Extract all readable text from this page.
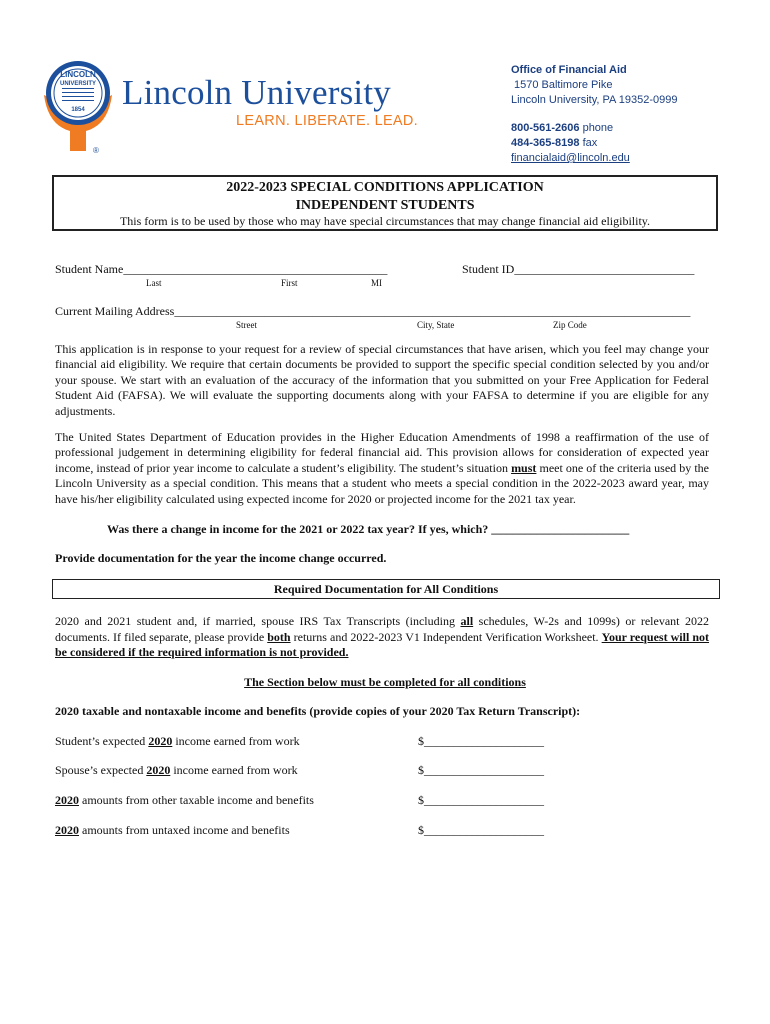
LINCOLN
UNIVERSITY
1854 Lincoln University
LEARN. LIBERATE. LEAD.
®
Office of Financial Aid
1570 Baltimore Pike
Lincoln University, PA 19352-0999
800-561-2606 phone
484-365-8198 fax
financialaid@lincoln.edu
2022-2023 SPECIAL CONDITIONS APPLICATION
INDEPENDENT STUDENTS
This form is to be used by those who may have special circumstances that may change financial aid eligibility.
Student Name____________________________________________
Last	First	MI
Student ID______________________________
Current Mailing Address______________________________________________________________________________________
Street	City, State	Zip Code
This application is in response to your request for a review of special circumstances that have arisen, which you feel may change your financial aid eligibility. We require that certain documents be provided to support the specific special condition selected by you and/or your spouse. We start with an evaluation of the accuracy of the information that you submitted on your Free Application for Federal Student Aid (FAFSA). We will evaluate the supporting documents along with your FAFSA to determine if you are eligible for any adjustments.
The United States Department of Education provides in the Higher Education Amendments of 1998 a reaffirmation of the use of professional judgement in determining eligibility for federal financial aid. This provision allows for consideration of expected year income, instead of prior year income to calculate a student’s eligibility. The student’s situation must meet one of the criteria used by the Lincoln University as a special condition. This means that a student who meets a special condition in the 2022-2023 award year, may have his/her eligibility calculated using expected income for 2020 or projected income for the 2021 tax year.
Was there a change in income for the 2021 or 2022 tax year? If yes, which? _______________________
Provide documentation for the year the income change occurred.
Required Documentation for All Conditions
2020 and 2021 student and, if married, spouse IRS Tax Transcripts (including all schedules, W-2s and 1099s) or relevant 2022 documents. If filed separate, please provide both returns and 2022-2023 V1 Independent Verification Worksheet. Your request will not be considered if the required information is not provided.
The Section below must be completed for all conditions
2020 taxable and nontaxable income and benefits (provide copies of your 2020 Tax Return Transcript):
Student’s expected 2020 income earned from work	$____________________
Spouse’s expected 2020 income earned from work	$____________________
2020 amounts from other taxable income and benefits	$____________________
2020 amounts from untaxed income and benefits	$____________________
